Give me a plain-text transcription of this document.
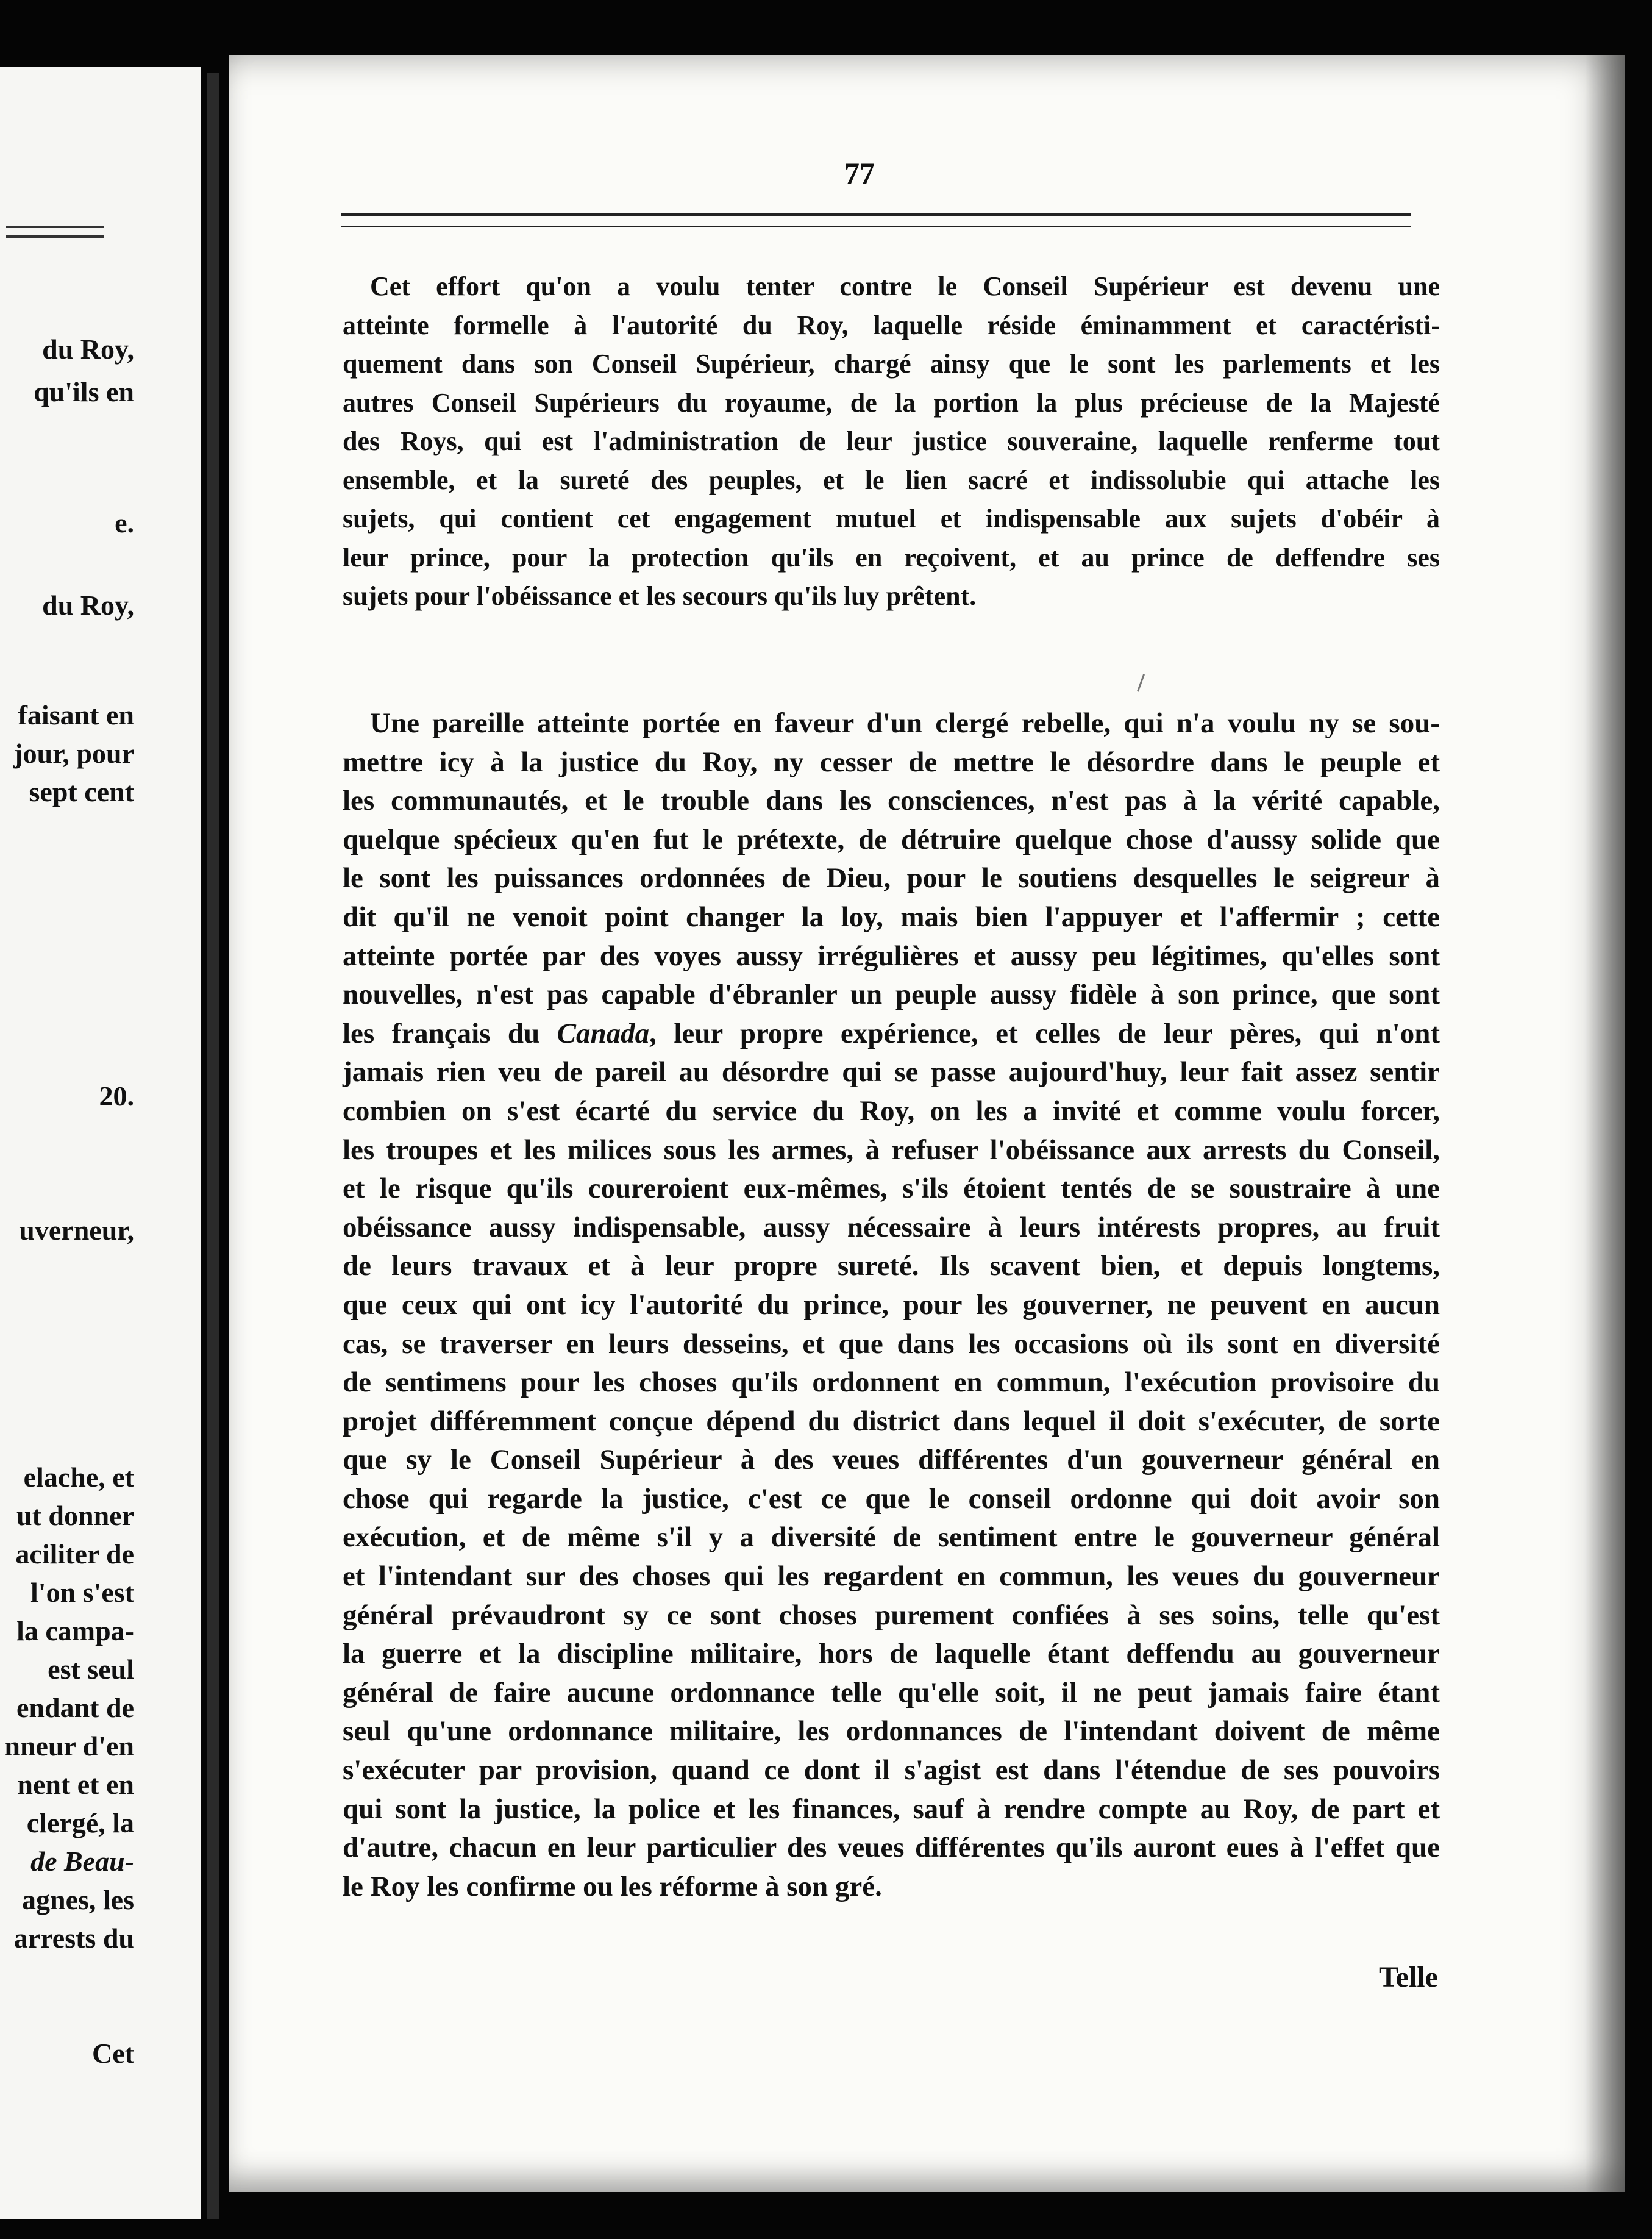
du Roy,
qu'ils en
e.
du Roy,
faisant en
jour, pour
sept cent
20.
uverneur,
elache, et
ut donner
aciliter de
l'on s'est
la campa-
est seul
endant de
nneur d'en
nent et en
clergé, la
de Beau-
agnes, les
arrests du
Cet
77
Cet effort qu'on a voulu tenter contre le Conseil Supérieur est devenu une
atteinte formelle à l'autorité du Roy, laquelle réside éminamment et caractéristi-
quement dans son Conseil Supérieur, chargé ainsy que le sont les parlements et les
autres Conseil Supérieurs du royaume, de la portion la plus précieuse de la Majesté
des Roys, qui est l'administration de leur justice souveraine, laquelle renferme tout
ensemble, et la sureté des peuples, et le lien sacré et indissolubie qui attache les
sujets, qui contient cet engagement mutuel et indispensable aux sujets d'obéir à
leur prince, pour la protection qu'ils en reçoivent, et au prince de deffendre ses
sujets pour l'obéissance et les secours qu'ils luy prêtent.
Une pareille atteinte portée en faveur d'un clergé rebelle, qui n'a voulu ny se sou-
mettre icy à la justice du Roy, ny cesser de mettre le désordre dans le peuple et
les communautés, et le trouble dans les consciences, n'est pas à la vérité capable,
quelque spécieux qu'en fut le prétexte, de détruire quelque chose d'aussy solide que
le sont les puissances ordonnées de Dieu, pour le soutiens desquelles le seigreur à
dit qu'il ne venoit point changer la loy, mais bien l'appuyer et l'affermir ; cette
atteinte portée par des voyes aussy irrégulières et aussy peu légitimes, qu'elles sont
nouvelles, n'est pas capable d'ébranler un peuple aussy fidèle à son prince, que sont
les français du Canada, leur propre expérience, et celles de leur pères, qui n'ont
jamais rien veu de pareil au désordre qui se passe aujourd'huy, leur fait assez sentir
combien on s'est écarté du service du Roy, on les a invité et comme voulu forcer,
les troupes et les milices sous les armes, à refuser l'obéissance aux arrests du Conseil,
et le risque qu'ils coureroient eux-mêmes, s'ils étoient tentés de se soustraire à une
obéissance aussy indispensable, aussy nécessaire à leurs intérests propres, au fruit
de leurs travaux et à leur propre sureté. Ils scavent bien, et depuis longtems,
que ceux qui ont icy l'autorité du prince, pour les gouverner, ne peuvent en aucun
cas, se traverser en leurs desseins, et que dans les occasions où ils sont en diversité
de sentimens pour les choses qu'ils ordonnent en commun, l'exécution provisoire du
projet différemment conçue dépend du district dans lequel il doit s'exécuter, de sorte
que sy le Conseil Supérieur à des veues différentes d'un gouverneur général en
chose qui regarde la justice, c'est ce que le conseil ordonne qui doit avoir son
exécution, et de même s'il y a diversité de sentiment entre le gouverneur général
et l'intendant sur des choses qui les regardent en commun, les veues du gouverneur
général prévaudront sy ce sont choses purement confiées à ses soins, telle qu'est
la guerre et la discipline militaire, hors de laquelle étant deffendu au gouverneur
général de faire aucune ordonnance telle qu'elle soit, il ne peut jamais faire étant
seul qu'une ordonnance militaire, les ordonnances de l'intendant doivent de même
s'exécuter par provision, quand ce dont il s'agist est dans l'étendue de ses pouvoirs
qui sont la justice, la police et les finances, sauf à rendre compte au Roy, de part et
d'autre, chacun en leur particulier des veues différentes qu'ils auront eues à l'effet que
le Roy les confirme ou les réforme à son gré.
Telle
